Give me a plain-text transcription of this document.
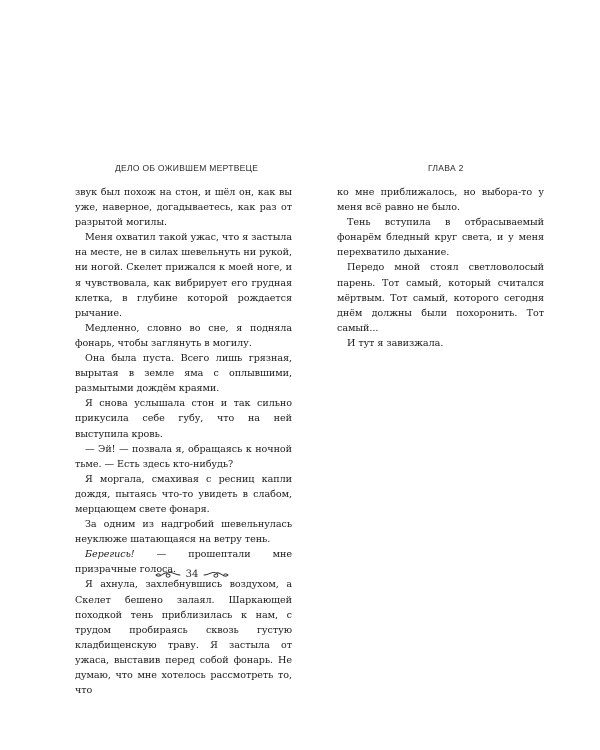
ДЕЛО ОБ ОЖИВШЕМ МЕРТВЕЦЕ	ГЛАВА 2

звук был похож на стон, и шёл он, как вы уже, наверное, догадываетесь, как раз от разрытой могилы.

Меня охватил такой ужас, что я застыла на месте, не в силах шевельнуть ни рукой, ни ногой. Скелет прижался к моей ноге, и я чувствовала, как вибрирует его грудная клетка, в глубине которой рождается рычание.

Медленно, словно во сне, я подняла фонарь, чтобы заглянуть в могилу.

Она была пуста. Всего лишь грязная, вырытая в земле яма с оплывшими, размытыми дождём краями.

Я снова услышала стон и так сильно прикусила себе губу, что на ней выступила кровь.

— Эй! — позвала я, обращаясь к ночной тьме. — Есть здесь кто-нибудь?

Я моргала, смахивая с ресниц капли дождя, пытаясь что-то увидеть в слабом, мерцающем свете фонаря.

За одним из надгробий шевельнулась неуклюже шатающаяся на ветру тень.

Берегись! — прошептали мне призрачные голоса.

Я ахнула, захлебнувшись воздухом, а Скелет бешено залаял. Шаркающей походкой тень приблизилась к нам, с трудом пробираясь сквозь густую кладбищенскую траву. Я застыла от ужаса, выставив перед собой фонарь. Не думаю, что мне хотелось рассмотреть то, что

ко мне приближалось, но выбора-то у меня всё равно не было.

Тень вступила в отбрасываемый фонарём бледный круг света, и у меня перехватило дыхание.

Передо мной стоял светловолосый парень. Тот самый, который считался мёртвым. Тот самый, которого сегодня днём должны были похоронить. Тот самый...

И тут я завизжала.

34
